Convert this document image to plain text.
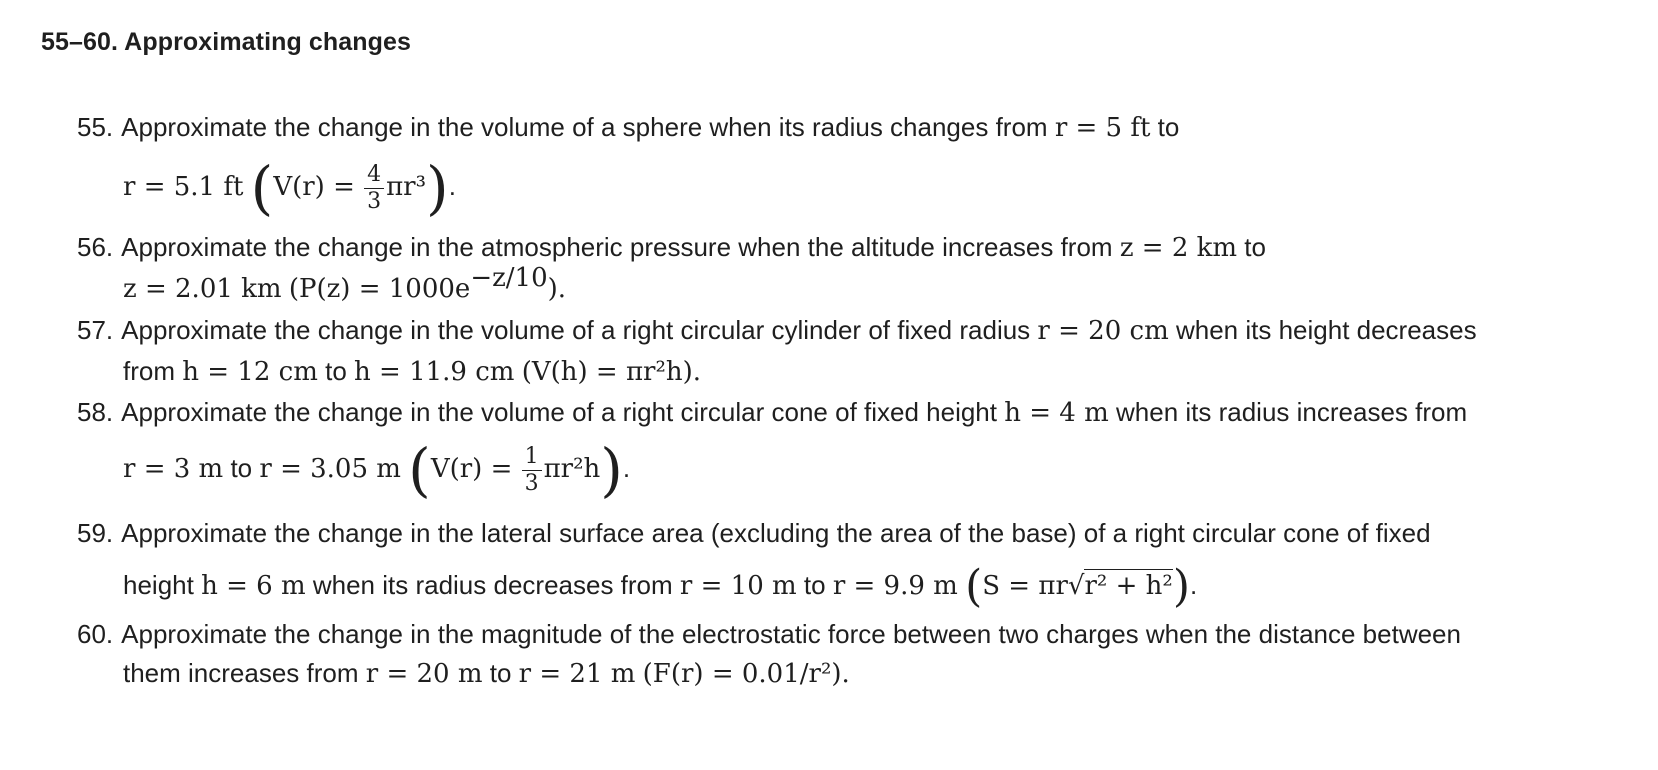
55–60. Approximating changes
55. Approximate the change in the volume of a sphere when its radius changes from r = 5 ft to
r = 5.1 ft $(V(r) = \frac{4}{3} \pi r^3)$.
56. Approximate the change in the atmospheric pressure when the altitude increases from z = 2 km to
z = 2.01 km $(P(z) = 1000e^{-z/10})$.
57. Approximate the change in the volume of a right circular cylinder of fixed radius r = 20 cm when its height decreases
from h = 12 cm to h = 11.9 cm (V(h) = πr²h).
58. Approximate the change in the volume of a right circular cone of fixed height h = 4 m when its radius increases from
r = 3 m to r = 3.05 m $(V(r) = \frac{1}{3} \pi r^2h)$.
59. Approximate the change in the lateral surface area (excluding the area of the base) of a right circular cone of fixed
height h = 6 m when its radius decreases from r = 10 m to r = 9.9 m (S = πr√r² + h²).
60. Approximate the change in the magnitude of the electrostatic force between two charges when the distance between
them increases from r = 20 m to r = 21 m (F(r) = 0.01/r²).
